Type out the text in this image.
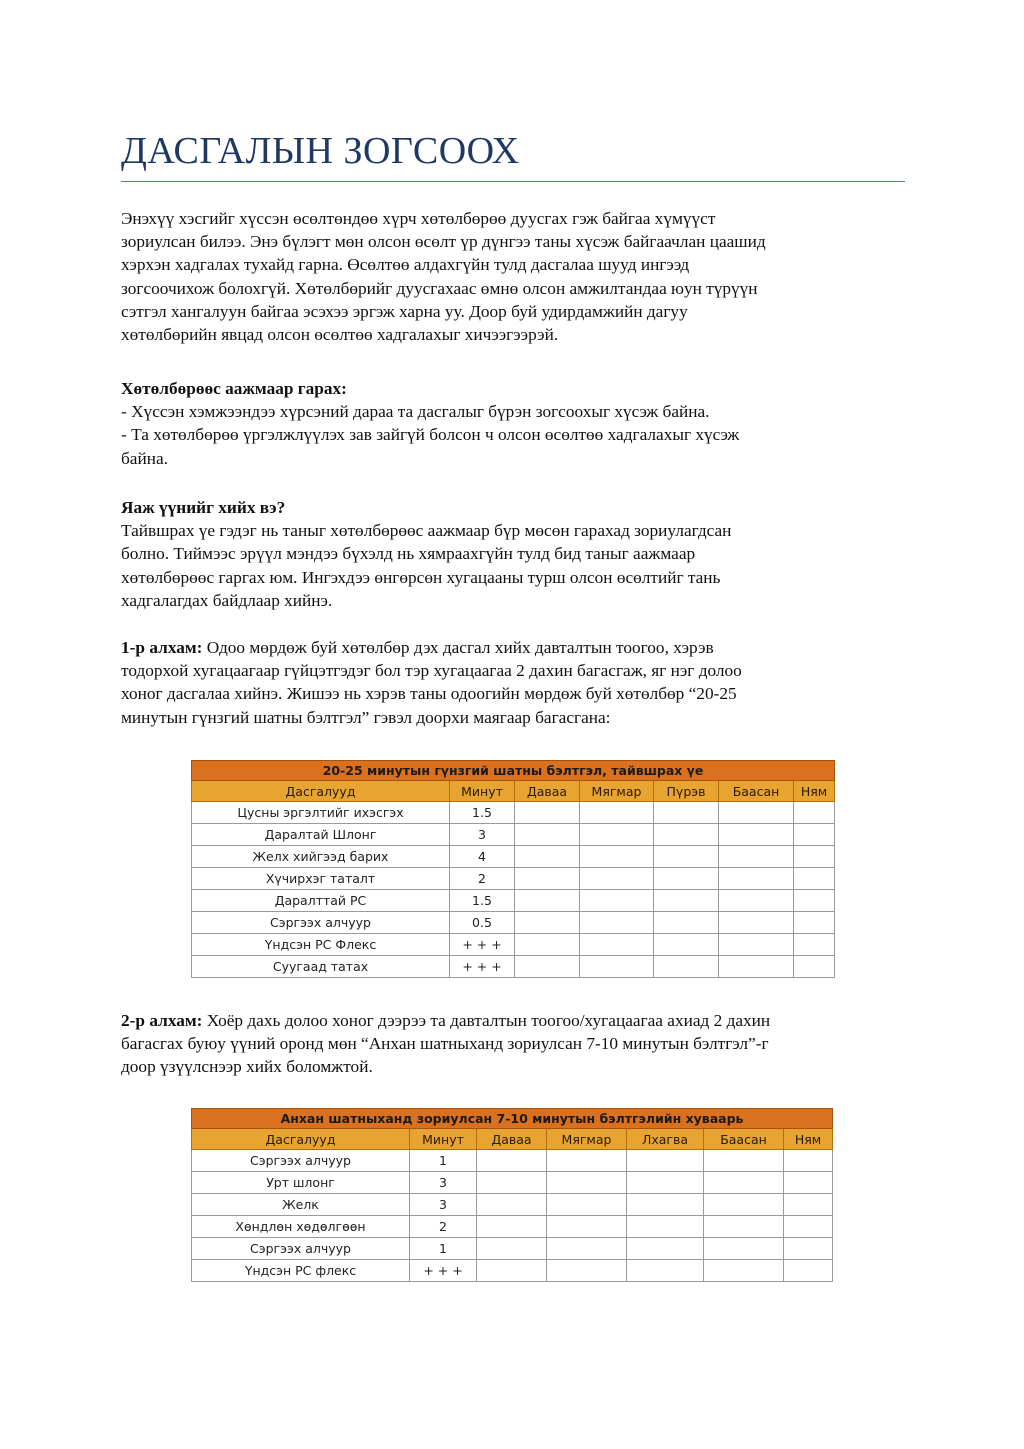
ДАСГАЛЫН ЗОГСООХ

Энэхүү хэсгийг хүссэн өсөлтөндөө хүрч хөтөлбөрөө дуусгах гэж байгаа хүмүүст
зориулсан билээ. Энэ бүлэгт мөн олсон өсөлт үр дүнгээ таны хүсэж байгаачлан цаашид
хэрхэн хадгалах тухайд гарна. Өсөлтөө алдахгүйн тулд дасгалаа шууд ингээд
зогсоочихож болохгүй. Хөтөлбөрийг дуусгахаас өмнө олсон амжилтандаа юун түрүүн
сэтгэл хангалуун байгаа эсэхээ эргэж харна уу. Доор буй удирдамжийн дагуу
хөтөлбөрийн явцад олсон өсөлтөө хадгалахыг хичээгээрэй.

Хөтөлбөрөөс аажмаар гарах:
- Хүссэн хэмжээндээ хүрсэний дараа та дасгалыг бүрэн зогсоохыг хүсэж байна.
- Та хөтөлбөрөө үргэлжлүүлэх зав зайгүй болсон ч олсон өсөлтөө хадгалахыг хүсэж
байна.

Яаж үүнийг хийх вэ?
Тайвшрах үе гэдэг нь таныг хөтөлбөрөөс аажмаар бүр мөсөн гарахад зориулагдсан
болно. Тиймээс эрүүл мэндээ бүхэлд нь хямраахгүйн тулд бид таныг аажмаар
хөтөлбөрөөс гаргах юм. Ингэхдээ өнгөрсөн хугацааны турш олсон өсөлтийг тань
хадгалагдах байдлаар хийнэ.

1-р алхам: Одоо мөрдөж буй хөтөлбөр дэх дасгал хийх давталтын тоогоо, хэрэв
тодорхой хугацаагаар гүйцэтгэдэг бол тэр хугацаагаа 2 дахин багасгаж, яг нэг долоо
хоног дасгалаа хийнэ. Жишээ нь хэрэв таны одоогийн мөрдөж буй хөтөлбөр “20-25
минутын гүнзгий шатны бэлтгэл” гэвэл доорхи маягаар багасгана:

20-25 минутын гүнзгий шатны бэлтгэл, тайвшрах үе						
Дасгалууд	Минут	Даваа	Мягмар	Пүрэв	Баасан	Ням
Цусны эргэлтийг ихэсгэх	1.5					
Даралтай Шлонг	3					
Желх хийгээд барих	4					
Хүчирхэг таталт	2					
Даралттай РС	1.5					
Сэргээх алчуур	0.5					
Үндсэн РС Флекс	+ + +					
Суугаад татах	+ + +					

2-р алхам: Хоёр дахь долоо хоног дээрээ та давталтын тоогоо/хугацаагаа ахиад 2 дахин
багасгах буюу үүний оронд мөн “Анхан шатныханд зориулсан 7-10 минутын бэлтгэл”-г
доор үзүүлснээр хийх боломжтой.

Анхан шатныханд зориулсан 7-10 минутын бэлтгэлийн хуваарь						
Дасгалууд	Минут	Даваа	Мягмар	Лхагва	Баасан	Ням
Сэргээх алчуур	1					
Урт шлонг	3					
Желк	3					
Хөндлөн хөдөлгөөн	2					
Сэргээх алчуур	1					
Үндсэн РС флекс	+ + +					
